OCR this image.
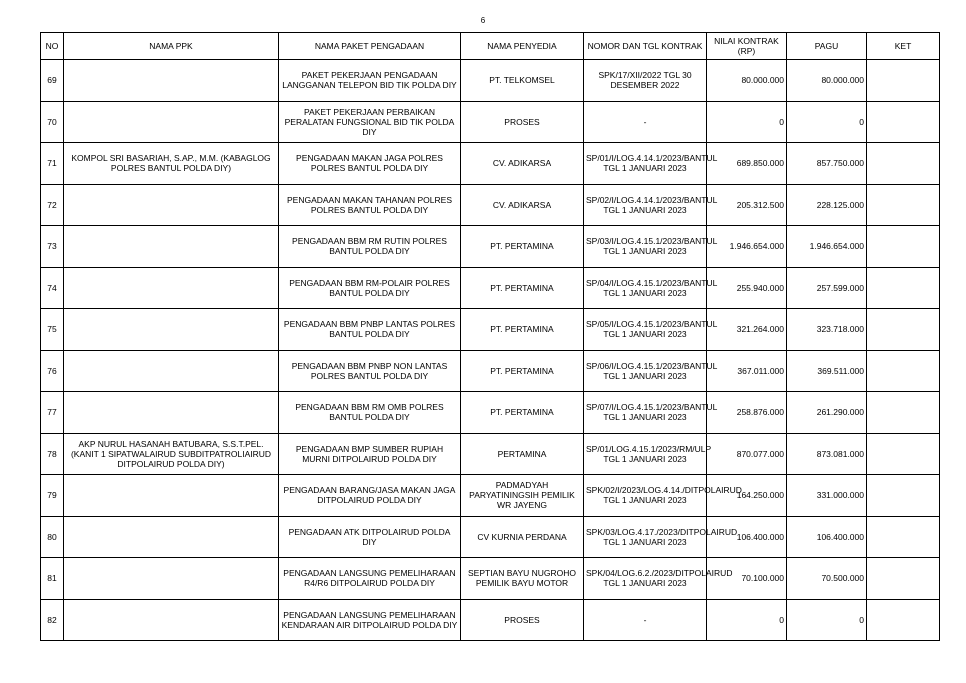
6
NO	NAMA PPK	NAMA PAKET PENGADAAN	NAMA PENYEDIA	NOMOR DAN TGL KONTRAK	NILAI KONTRAK (RP)	PAGU	KET
69		PAKET PEKERJAAN PENGADAAN LANGGANAN TELEPON BID TIK POLDA DIY	PT. TELKOMSEL	SPK/17/XII/2022 TGL 30 DESEMBER 2022	80.000.000	80.000.000	
70		PAKET PEKERJAAN PERBAIKAN PERALATAN FUNGSIONAL BID TIK POLDA DIY	PROSES	-	0	0	
71	KOMPOL SRI BASARIAH, S.AP., M.M. (KABAGLOG POLRES BANTUL POLDA DIY)	PENGADAAN MAKAN JAGA POLRES POLRES BANTUL POLDA DIY	CV. ADIKARSA	SP/01/I/LOG.4.14.1/2023/BANTUL TGL 1 JANUARI 2023	689.850.000	857.750.000	
72		PENGADAAN MAKAN TAHANAN POLRES POLRES BANTUL POLDA DIY	CV. ADIKARSA	SP/02/I/LOG.4.14.1/2023/BANTUL TGL 1 JANUARI 2023	205.312.500	228.125.000	
73		PENGADAAN BBM RM RUTIN POLRES BANTUL POLDA DIY	PT. PERTAMINA	SP/03/I/LOG.4.15.1/2023/BANTUL TGL 1 JANUARI 2023	1.946.654.000	1.946.654.000	
74		PENGADAAN BBM RM-POLAIR POLRES BANTUL POLDA DIY	PT. PERTAMINA	SP/04/I/LOG.4.15.1/2023/BANTUL TGL 1 JANUARI 2023	255.940.000	257.599.000	
75		PENGADAAN BBM PNBP LANTAS POLRES BANTUL POLDA DIY	PT. PERTAMINA	SP/05/I/LOG.4.15.1/2023/BANTUL TGL 1 JANUARI 2023	321.264.000	323.718.000	
76		PENGADAAN BBM PNBP NON LANTAS POLRES BANTUL POLDA DIY	PT. PERTAMINA	SP/06/I/LOG.4.15.1/2023/BANTUL TGL 1 JANUARI 2023	367.011.000	369.511.000	
77		PENGADAAN BBM RM OMB POLRES BANTUL POLDA DIY	PT. PERTAMINA	SP/07/I/LOG.4.15.1/2023/BANTUL TGL 1 JANUARI 2023	258.876.000	261.290.000	
78	AKP NURUL HASANAH BATUBARA, S.S.T.PEL. (KANIT 1 SIPATWALAIRUD SUBDITPATROLIAIRUD DITPOLAIRUD POLDA DIY)	PENGADAAN BMP SUMBER RUPIAH MURNI DITPOLAIRUD POLDA DIY	PERTAMINA	SP/01/LOG.4.15.1/2023/RM/ULP TGL 1 JANUARI 2023	870.077.000	873.081.000	
79		PENGADAAN BARANG/JASA MAKAN JAGA DITPOLAIRUD POLDA DIY	PADMADYAH PARYATININGSIH PEMILIK WR JAYENG	SPK/02/I/2023/LOG.4.14./DITPOLAIRUD TGL 1 JANUARI 2023	164.250.000	331.000.000	
80		PENGADAAN ATK DITPOLAIRUD POLDA DIY	CV KURNIA PERDANA	SPK/03/LOG.4.17./2023/DITPOLAIRUD TGL 1 JANUARI 2023	106.400.000	106.400.000	
81		PENGADAAN LANGSUNG PEMELIHARAAN R4/R6 DITPOLAIRUD POLDA DIY	SEPTIAN BAYU NUGROHO PEMILIK BAYU MOTOR	SPK/04/LOG.6.2./2023/DITPOLAIRUD TGL 1 JANUARI 2023	70.100.000	70.500.000	
82		PENGADAAN LANGSUNG PEMELIHARAAN KENDARAAN AIR DITPOLAIRUD POLDA DIY	PROSES	-	0	0	
